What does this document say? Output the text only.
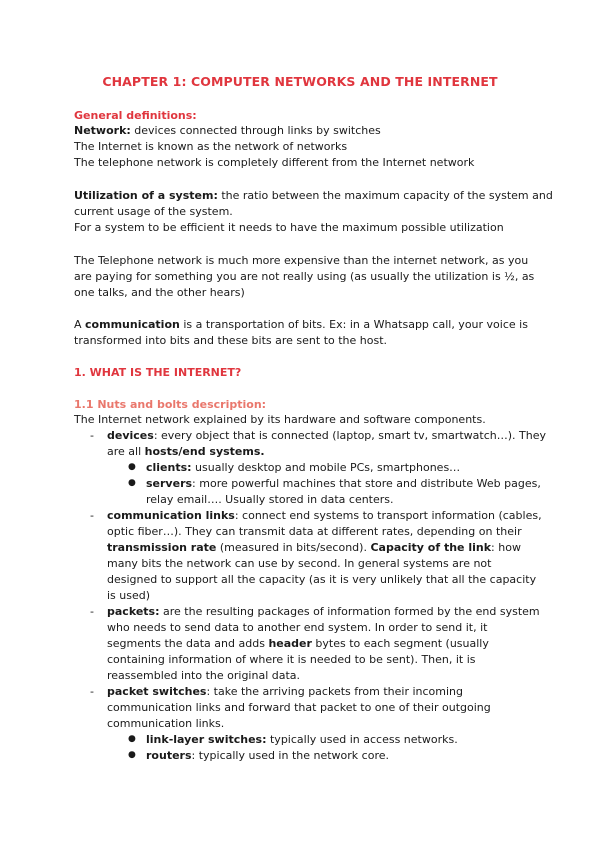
CHAPTER 1: COMPUTER NETWORKS AND THE INTERNET
General definitions:
Network: devices connected through links by switches
The Internet is known as the network of networks
The telephone network is completely different from the Internet network
Utilization of a system: the ratio between the maximum capacity of the system and
current usage of the system.
For a system to be efficient it needs to have the maximum possible utilization
The Telephone network is much more expensive than the internet network, as you
are paying for something you are not really using (as usually the utilization is ½, as
one talks, and the other hears)
A communication is a transportation of bits. Ex: in a Whatsapp call, your voice is
transformed into bits and these bits are sent to the host.
1. WHAT IS THE INTERNET?
1.1 Nuts and bolts description:
The Internet network explained by its hardware and software components.
- devices: every object that is connected (laptop, smart tv, smartwatch…). They
are all hosts/end systems.
● clients: usually desktop and mobile PCs, smartphones…
● servers: more powerful machines that store and distribute Web pages,
relay email…. Usually stored in data centers.
- communication links: connect end systems to transport information (cables,
optic fiber…). They can transmit data at different rates, depending on their
transmission rate (measured in bits/second). Capacity of the link: how
many bits the network can use by second. In general systems are not
designed to support all the capacity (as it is very unlikely that all the capacity
is used)
- packets: are the resulting packages of information formed by the end system
who needs to send data to another end system. In order to send it, it
segments the data and adds header bytes to each segment (usually
containing information of where it is needed to be sent). Then, it is
reassembled into the original data.
- packet switches: take the arriving packets from their incoming
communication links and forward that packet to one of their outgoing
communication links.
● link-layer switches: typically used in access networks.
● routers: typically used in the network core.
